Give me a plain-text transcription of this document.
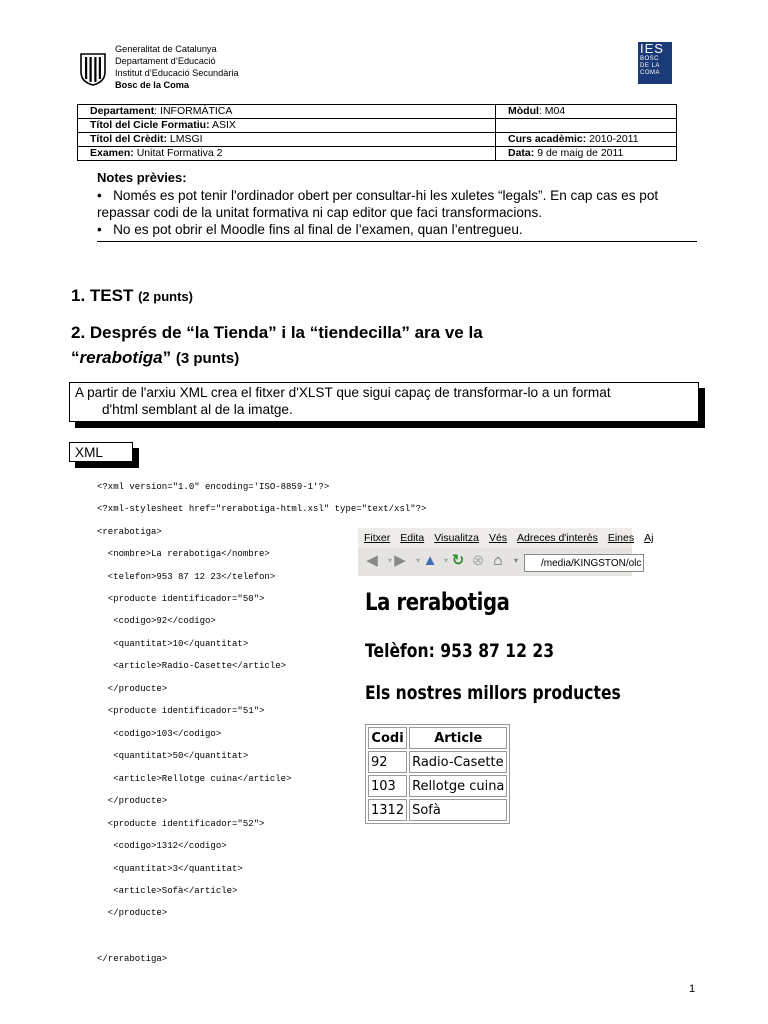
Generalitat de Catalunya
Departament d’Educació
Institut d’Educació Secundària
Bosc de la Coma
IES
BOSC
DE LA
COMA
Departament: INFORMÀTICA	Mòdul: M04
Títol del Cicle Formatiu: ASIX	
Títol del Crèdit: LMSGI	Curs acadèmic: 2010-2011
Examen: Unitat Formativa 2	Data: 9 de maig de 2011
Notes prèvies:

•   Només es pot tenir l'ordinador obert per consultar-hi les xuletes “legals”. En cap cas es pot repassar codi de la unitat formativa ni cap editor que faci transformacions.

•   No es pot obrir el Moodle fins al final de l’examen, quan l’entregueu.

1. TEST (2 punts)
2. Després de “la Tienda” i la “tiendecilla” ara ve la
“rerabotiga” (3 punts)

A partir de l'arxiu XML crea el fitxer d'XLST que sigui capaç de transformar-lo a un format

d'html semblant al de la imatge.

XML
<?xml version="1.0" encoding='ISO-8859-1'?>
<?xml-stylesheet href="rerabotiga-html.xsl" type="text/xsl"?>
<rerabotiga>
<nombre>La rerabotiga</nombre>
<telefon>953 87 12 23</telefon>
<producte identificador="50">
<codigo>92</codigo>
<quantitat>10</quantitat>
<article>Radio-Casette</article>
</producte>
<producte identificador="51">
<codigo>103</codigo>
<quantitat>50</quantitat>
<article>Rellotge cuina</article>
</producte>
<producte identificador="52">
<codigo>1312</codigo>
<quantitat>3</quantitat>
<article>Sofà</article>
</producte>
</rerabotiga>
Fitxer Edita Visualitza Vés Adreces d'interès Eines Aj
◀	▾ ▶	▾ ▲ ▾ ↻ ⊗ ⌂	▾	/media/KINGSTON/olc
La rerabotiga
Telèfon: 953 87 12 23
Els nostres millors productes
Codi	Article
92	Radio-Casette
103	Rellotge cuina
1312	Sofà
1
